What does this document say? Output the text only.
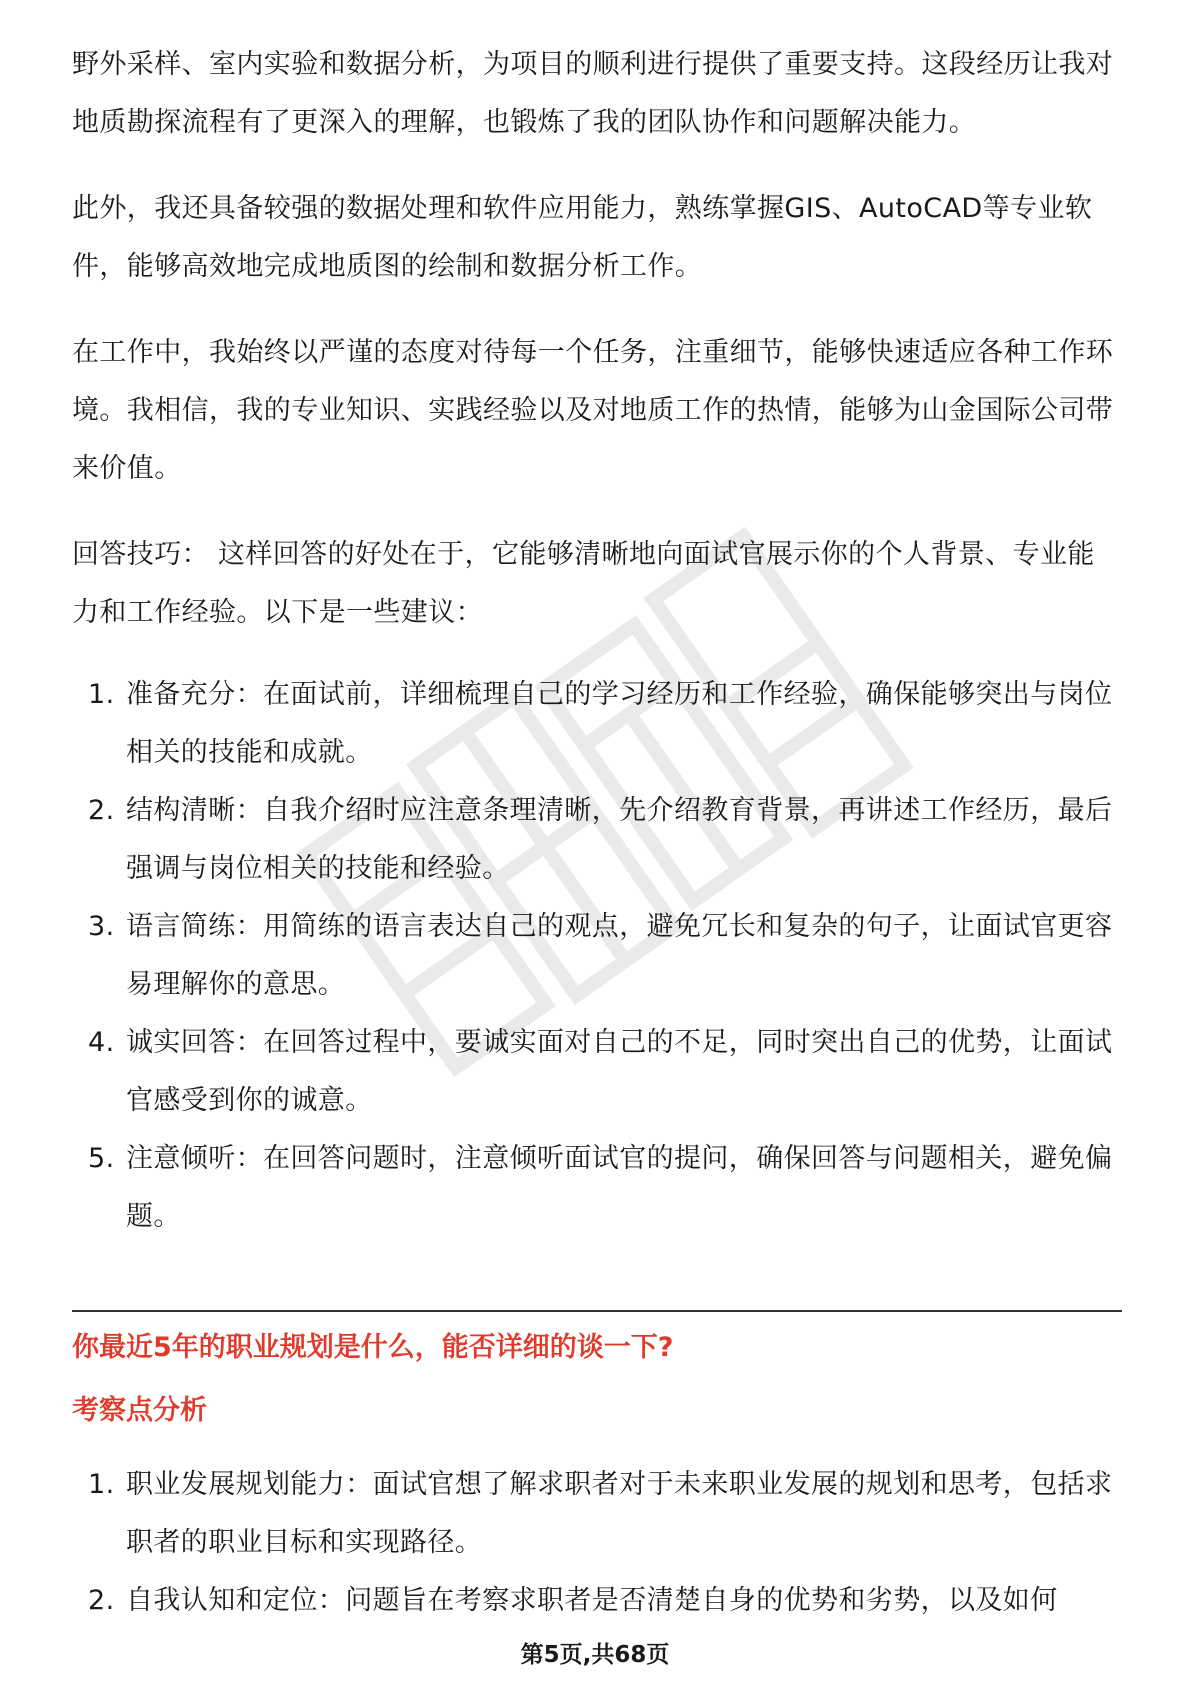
野外采样、室内实验和数据分析，为项目的顺利进行提供了重要支持。这段经历让我对地质勘探流程有了更深入的理解，也锻炼了我的团队协作和问题解决能力。

此外，我还具备较强的数据处理和软件应用能力，熟练掌握GIS、AutoCAD等专业软件，能够高效地完成地质图的绘制和数据分析工作。

在工作中，我始终以严谨的态度对待每一个任务，注重细节，能够快速适应各种工作环境。我相信，我的专业知识、实践经验以及对地质工作的热情，能够为山金国际公司带来价值。

回答技巧： 这样回答的好处在于，它能够清晰地向面试官展示你的个人背景、专业能力和工作经验。以下是一些建议：

1. 准备充分：在面试前，详细梳理自己的学习经历和工作经验，确保能够突出与岗位相关的技能和成就。
2. 结构清晰：自我介绍时应注意条理清晰，先介绍教育背景，再讲述工作经历，最后强调与岗位相关的技能和经验。
3. 语言简练：用简练的语言表达自己的观点，避免冗长和复杂的句子，让面试官更容易理解你的意思。
4. 诚实回答：在回答过程中，要诚实面对自己的不足，同时突出自己的优势，让面试官感受到你的诚意。
5. 注意倾听：在回答问题时，注意倾听面试官的提问，确保回答与问题相关，避免偏题。
你最近5年的职业规划是什么，能否详细的谈一下?
考察点分析
1. 职业发展规划能力：面试官想了解求职者对于未来职业发展的规划和思考，包括求职者的职业目标和实现路径。
2. 自我认知和定位：问题旨在考察求职者是否清楚自身的优势和劣势，以及如何
第5页,共68页
